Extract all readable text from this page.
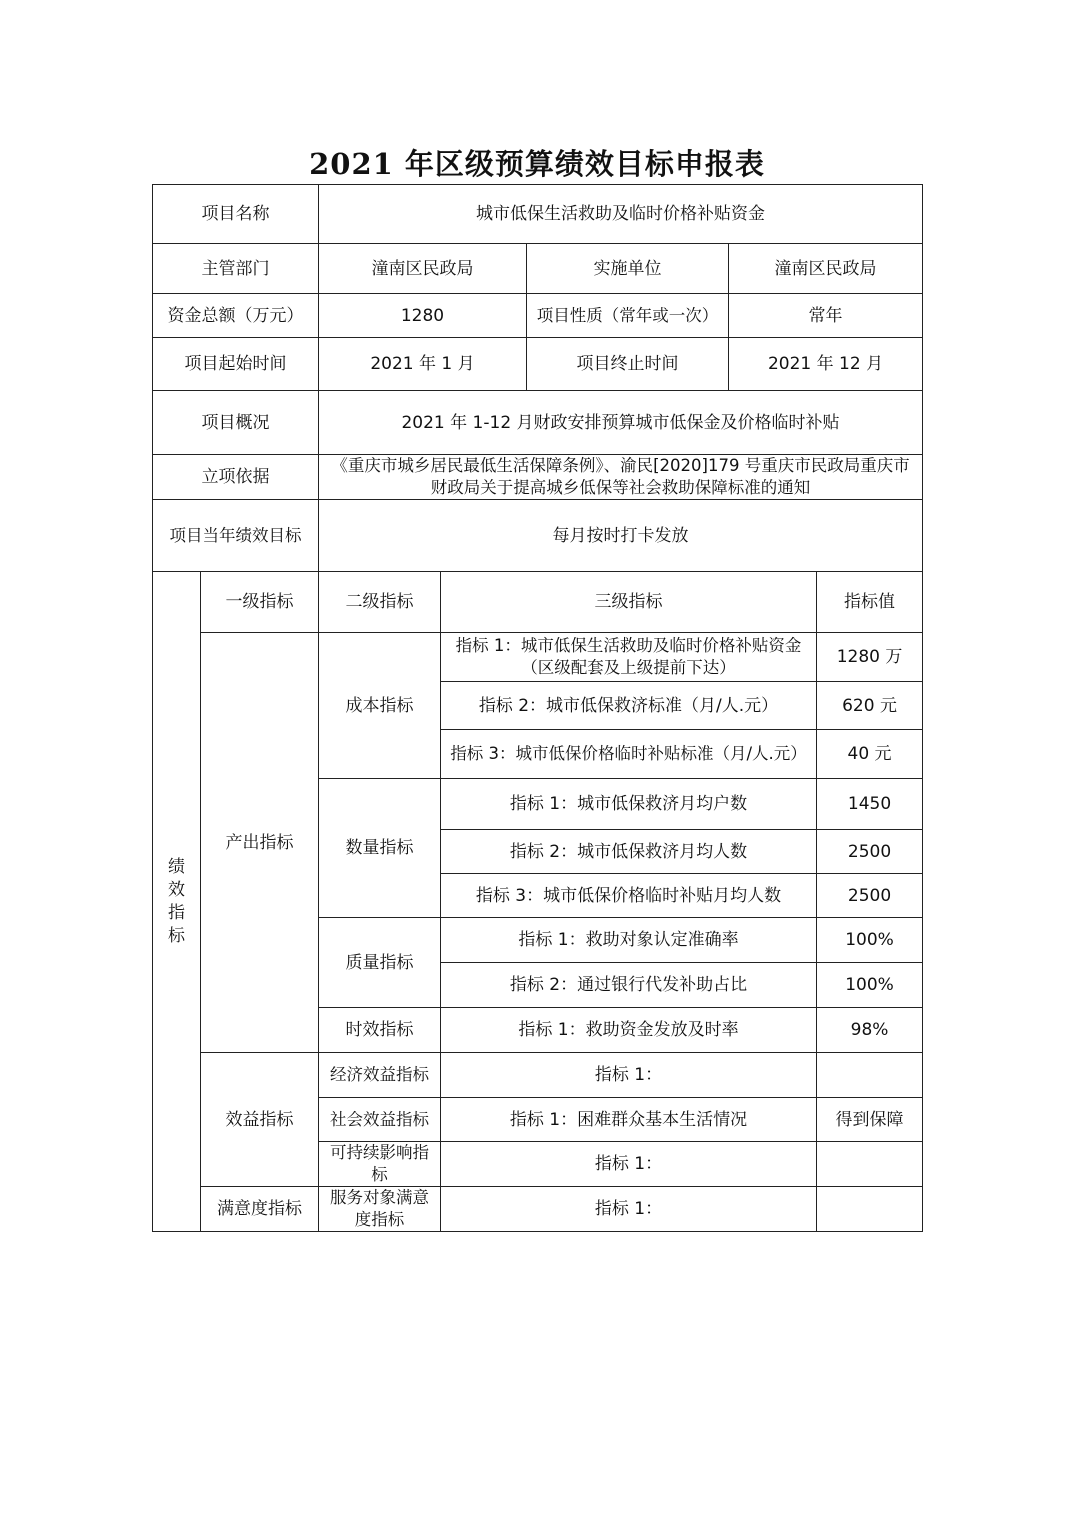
2021 年区级预算绩效目标申报表
项目名称		城市低保生活救助及临时价格补贴资金				
主管部门		潼南区民政局		实施单位	潼南区民政局	
资金总额（万元）		1280		项目性质（常年或一次）	常年	
项目起始时间		2021 年 1 月		项目终止时间	2021 年 12 月	
项目概况		2021 年 1-12 月财政安排预算城市低保金及价格临时补贴				
立项依据		《重庆市城乡居民最低生活保障条例》、渝民[2020]179 号重庆市民政局重庆市财政局关于提高城乡低保等社会救助保障标准的通知				
项目当年绩效目标		每月按时打卡发放				
绩效指标	一级指标	二级指标	三级指标			指标值
	产出指标	成本指标	指标 1：城市低保生活救助及临时价格补贴资金（区级配套及上级提前下达）			1280 万
			指标 2：城市低保救济标准（月/人.元）			620 元
			指标 3：城市低保价格临时补贴标准（月/人.元）			40 元
		数量指标	指标 1：城市低保救济月均户数			1450
			指标 2：城市低保救济月均人数			2500
			指标 3：城市低保价格临时补贴月均人数			2500
		质量指标	指标 1：救助对象认定准确率			100%
			指标 2：通过银行代发补助占比			100%
		时效指标	指标 1：救助资金发放及时率			98%
	效益指标	经济效益指标	指标 1：			
		社会效益指标	指标 1：困难群众基本生活情况			得到保障
		可持续影响指标	指标 1：			
	满意度指标	服务对象满意度指标	指标 1：			
